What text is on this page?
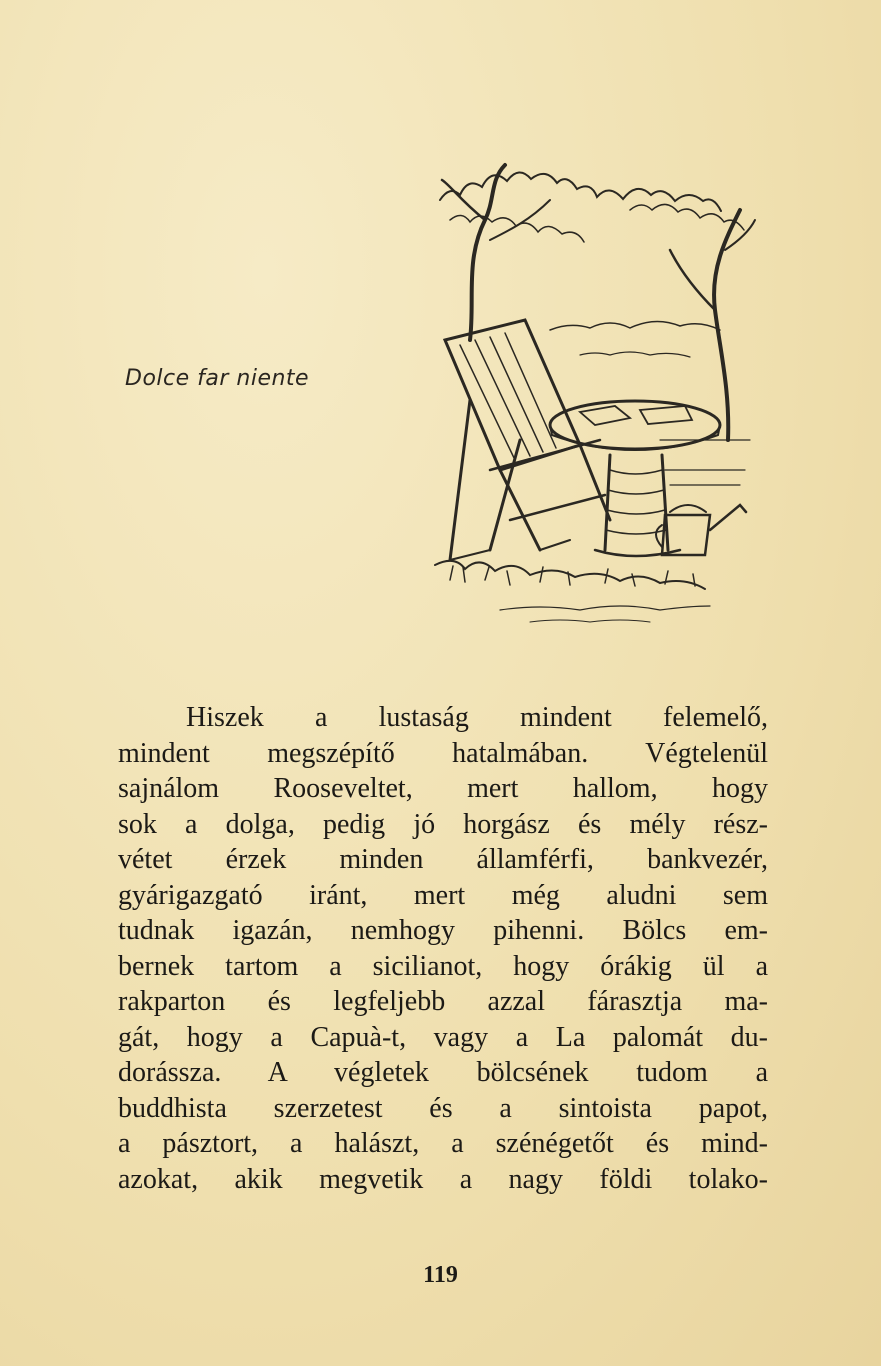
Dolce far niente
Hiszek a lustaság mindent felemelő,
mindent megszépítő hatalmában. Végtelenül
sajnálom Rooseveltet, mert hallom, hogy
sok a dolga, pedig jó horgász és mély rész-
vétet érzek minden államférfi, bankvezér,
gyárigazgató iránt, mert még aludni sem
tudnak igazán, nemhogy pihenni. Bölcs em-
bernek tartom a sicilianot, hogy órákig ül a
rakparton és legfeljebb azzal fárasztja ma-
gát, hogy a Capuà-t, vagy a La palomát du-
dorássza. A végletek bölcsének tudom a
buddhista szerzetest és a sintoista papot,
a pásztort, a halászt, a szénégetőt és mind-
azokat, akik megvetik a nagy földi tolako-
119
